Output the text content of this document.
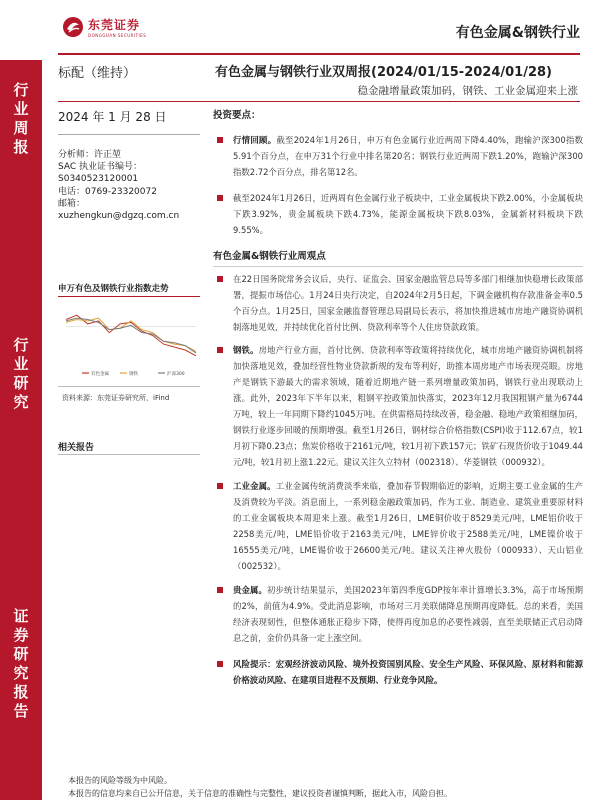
东莞证券
DONGGUAN SECURITIES	有色金属&钢铁行业
行业周报
行业研究
证券研究报告
标配（维持）	有色金属与钢铁行业双周报(2024/01/15-2024/01/28)
稳金融增量政策加码，钢铁、工业金属迎来上涨
2024 年 1 月 28 日
分析师：许正堃
SAC 执业证书编号：
S0340523120001
电话：0769-23320072
邮箱：
xuzhengkun@dgzq.com.cn
申万有色及钢铁行业指数走势
有色金属	钢铁	沪深300
资料来源：东莞证券研究所，iFind
相关报告
投资要点：
行情回顾。截至2024年1月26日，申万有色金属行业近两周下降4.40%，跑输沪深300指数5.91个百分点，在申万31个行业中排名第20名；钢铁行业近两周下跌1.20%，跑输沪深300指数2.72个百分点，排名第12名。
截至2024年1月26日，近两周有色金属行业子板块中，工业金属板块下跌2.00%，小金属板块下跌3.92%，贵金属板块下跌4.73%，能源金属板块下跌8.03%，金属新材料板块下跌9.55%。
有色金属&钢铁行业周观点
在22日国务院常务会议后，央行、证监会、国家金融监管总局等多部门相继加快稳增长政策部署，提振市场信心。1月24日央行决定，自2024年2月5日起，下调金融机构存款准备金率0.5个百分点。1月25日，国家金融监督管理总局副局长表示，将加快推进城市房地产融资协调机制落地见效，并持续优化首付比例、贷款利率等个人住房贷款政策。
钢铁。房地产行业方面，首付比例、贷款利率等政策将持续优化，城市房地产融资协调机制将加快落地见效，叠加经营性物业贷款新规的发布等利好，助推本周房地产市场表现亮眼。房地产是钢铁下游最大的需求领域，随着近期地产链一系列增量政策加码，钢铁行业出现联动上涨。此外，2023年下半年以来，粗钢平控政策加快落实，2023年12月我国粗钢产量为6744万吨，较上一年同期下降约1045万吨。在供需格局持续改善，稳金融、稳地产政策相继加码，钢铁行业逐步回暖的预期增强。截至1月26日，钢材综合价格指数(CSPI)收于112.67点，较1月初下降0.23点；焦炭价格收于2161元/吨，较1月初下跌157元；铁矿石现货价收于1049.44元/吨，较1月初上涨1.22元。建议关注久立特材（002318）、华菱钢铁（000932）。
工业金属。工业金属传统消费淡季来临，叠加春节假期临近的影响，近期主要工业金属的生产及消费较为平淡。消息面上，一系列稳金融政策加码，作为工业、制造业、建筑业重要原材料的工业金属板块本周迎来上涨。截至1月26日，LME铜价收于8529美元/吨，LME铝价收于2258美元/吨，LME铅价收于2163美元/吨，LME锌价收于2588美元/吨，LME镍价收于16555美元/吨，LME锡价收于26600美元/吨。建议关注神火股份（000933）、天山铝业（002532）。
贵金属。初步统计结果显示，美国2023年第四季度GDP按年率计算增长3.3%，高于市场预期的2%，前值为4.9%。受此消息影响，市场对三月美联储降息预期再度降低。总的来看，美国经济表现韧性，但整体通胀正稳步下降，使得再度加息的必要性减弱，直至美联储正式启动降息之前，金价仍具备一定上涨空间。
风险提示：宏观经济波动风险、境外投资国别风险、安全生产风险、环保风险、原材料和能源价格波动风险、在建项目进程不及预期、行业竞争风险。
本报告的风险等级为中风险。
本报告的信息均来自已公开信息，关于信息的准确性与完整性，建议投资者谨慎判断，据此入市，风险自担。
